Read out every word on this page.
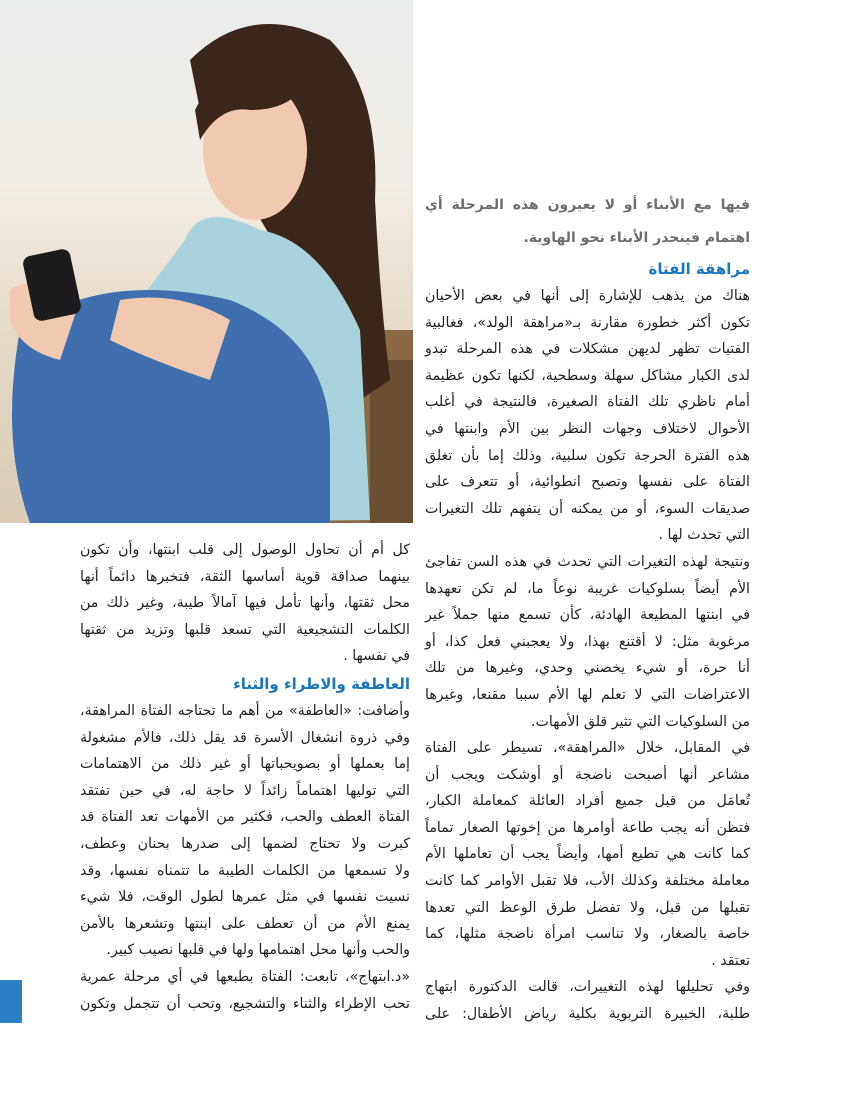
فيها مع الأبناء أو لا يعيرون هذه المرحلة أي
اهتمام فينحدر الأبناء نحو الهاوية.
مراهقة الفتاة
هناك من يذهب للإشارة إلى أنها في بعض الأحيان
تكون أكثر خطورة مقارنة بـ«مراهقة الولد»، فغالبية
الفتيات تظهر لديهن مشكلات في هذه المرحلة تبدو
لدى الكبار مشاكل سهلة وسطحية، لكنها تكون عظيمة
أمام ناظري تلك الفتاة الصغيرة، فالنتيجة في أغلب
الأحوال لاختلاف وجهات النظر بين الأم وابنتها في
هذه الفترة الحرجة تكون سلبية، وذلك إما بأن تغلق
الفتاة على نفسها وتصبح انطوائية، أو تتعرف على
صديقات السوء، أو من يمكنه أن يتفهم تلك التغيرات
التي تحدث لها .
ونتيجة لهذه التغيرات التي تحدث في هذه السن تفاجئ
الأم أيضاً بسلوكيات غريبة نوعاً ما، لم تكن تعهدها
في ابنتها المطيعة الهادئة، كأن تسمع منها جملاً غير
مرغوبة مثل: لا أقتنع بهذا، ولا يعجبني فعل كذا، أو
أنا حرة، أو شيء يخصني وحدي، وغيرها من تلك
الاعتراضات التي لا تعلم لها الأم سببا مقنعا، وغيرها
من السلوكيات التي تثير قلق الأمهات.
في المقابل، خلال «المراهقة»، تسيطر على الفتاة
مشاعر أنها أصبحت ناضجة أو أوشكت ويجب أن
تُعامَل من قبل جميع أفراد العائلة كمعاملة الكبار،
فتظن أنه يجب طاعة أوامرها من إخوتها الصغار تماماً
كما كانت هي تطيع أمها، وأيضاً يجب أن تعاملها الأم
معاملة مختلفة وكذلك الأب، فلا تقبل الأوامر كما كانت
تقبلها من قبل، ولا تفضل طرق الوعظ التي تعدها
خاصة بالصغار، ولا تناسب امرأة ناضجة مثلها، كما
تعتقد .
وفي تحليلها لهذه التغييرات، قالت الدكتورة ابتهاج
طلبة، الخبيرة التربوية بكلية رياض الأطفال: على
كل أم أن تحاول الوصول إلى قلب ابنتها، وأن تكون
بينهما صداقة قوية أساسها الثقة، فتخبرها دائماً أنها
محل ثقتها، وأنها تأمل فيها آمالاً طيبة، وغير ذلك من
الكلمات التشجيعية التي تسعد قلبها وتزيد من ثقتها
في نفسها .
العاطفة والاطراء والثناء
وأضافت: «العاطفة» من أهم ما تحتاجه الفتاة المراهقة،
وفي ذروة انشغال الأسرة قد يقل ذلك، فالأم مشغولة
إما بعملها أو بصويحباتها أو غير ذلك من الاهتمامات
التي توليها اهتماماً زائداً لا حاجة له، في حين تفتقد
الفتاة العطف والحب، فكثير من الأمهات تعد الفتاة قد
كبرت ولا تحتاج لضمها إلى صدرها بحنان وعطف،
ولا تسمعها من الكلمات الطيبة ما تتمناه نفسها، وقد
نسيت نفسها في مثل عمرها لطول الوقت، فلا شيء
يمنع الأم من أن تعطف على ابنتها وتشعرها بالأمن
والحب وأنها محل اهتمامها ولها في قلبها نصيب كبير.
«د.ابتهاج»، تابعت: الفتاة بطبعها في أي مرحلة عمرية
تحب الإطراء والثناء والتشجيع، وتحب أن تتجمل وتكون
